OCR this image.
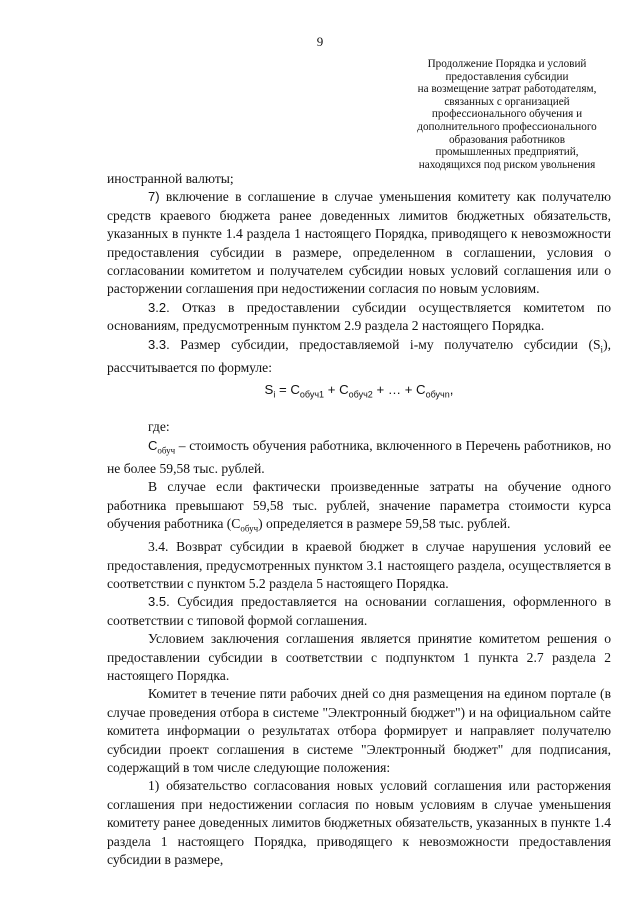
9
Продолжение Порядка и условий
предоставления субсидии
на возмещение затрат работодателям,
связанных с организацией
профессионального обучения и
дополнительного профессионального
образования работников
промышленных предприятий,
находящихся под риском увольнения

иностранной валюты;

7) включение в соглашение в случае уменьшения комитету как получателю средств краевого бюджета ранее доведенных лимитов бюджетных обязательств, указанных в пункте 1.4 раздела 1 настоящего Порядка, приводящего к невозможности предоставления субсидии в размере, определенном в соглашении, условия о согласовании комитетом и получателем субсидии новых условий соглашения или о расторжении соглашения при недостижении согласия по новым условиям.

3.2. Отказ в предоставлении субсидии осуществляется комитетом по основаниям, предусмотренным пунктом 2.9 раздела 2 настоящего Порядка.

3.3. Размер субсидии, предоставляемой i-му получателю субсидии $(S_i)$, рассчитывается по формуле:

$S_i = C_{обуч1} + C_{обуч2}$ + … + $C_{обучn}$,

где:

$C_{обуч}$ – стоимость обучения работника, включенного в Перечень работников, но не более 59,58 тыс. рублей.

В случае если фактически произведенные затраты на обучение одного работника превышают 59,58 тыс. рублей, значение параметра стоимости курса обучения работника $(C_{обуч})$ определяется в размере 59,58 тыс. рублей.

3.4. Возврат субсидии в краевой бюджет в случае нарушения условий ее предоставления, предусмотренных пунктом 3.1 настоящего раздела, осуществляется в соответствии с пунктом 5.2 раздела 5 настоящего Порядка.

3.5. Субсидия предоставляется на основании соглашения, оформленного в соответствии с типовой формой соглашения.

Условием заключения соглашения является принятие комитетом решения о предоставлении субсидии в соответствии с подпунктом 1 пункта 2.7 раздела 2 настоящего Порядка.

Комитет в течение пяти рабочих дней со дня размещения на едином портале (в случае проведения отбора в системе "Электронный бюджет") и на официальном сайте комитета информации о результатах отбора формирует и направляет получателю субсидии проект соглашения в системе "Электронный бюджет" для подписания, содержащий в том числе следующие положения:

1) обязательство согласования новых условий соглашения или расторжения соглашения при недостижении согласия по новым условиям в случае уменьшения комитету ранее доведенных лимитов бюджетных обязательств, указанных в пункте 1.4 раздела 1 настоящего Порядка, приводящего к невозможности предоставления субсидии в размере,
